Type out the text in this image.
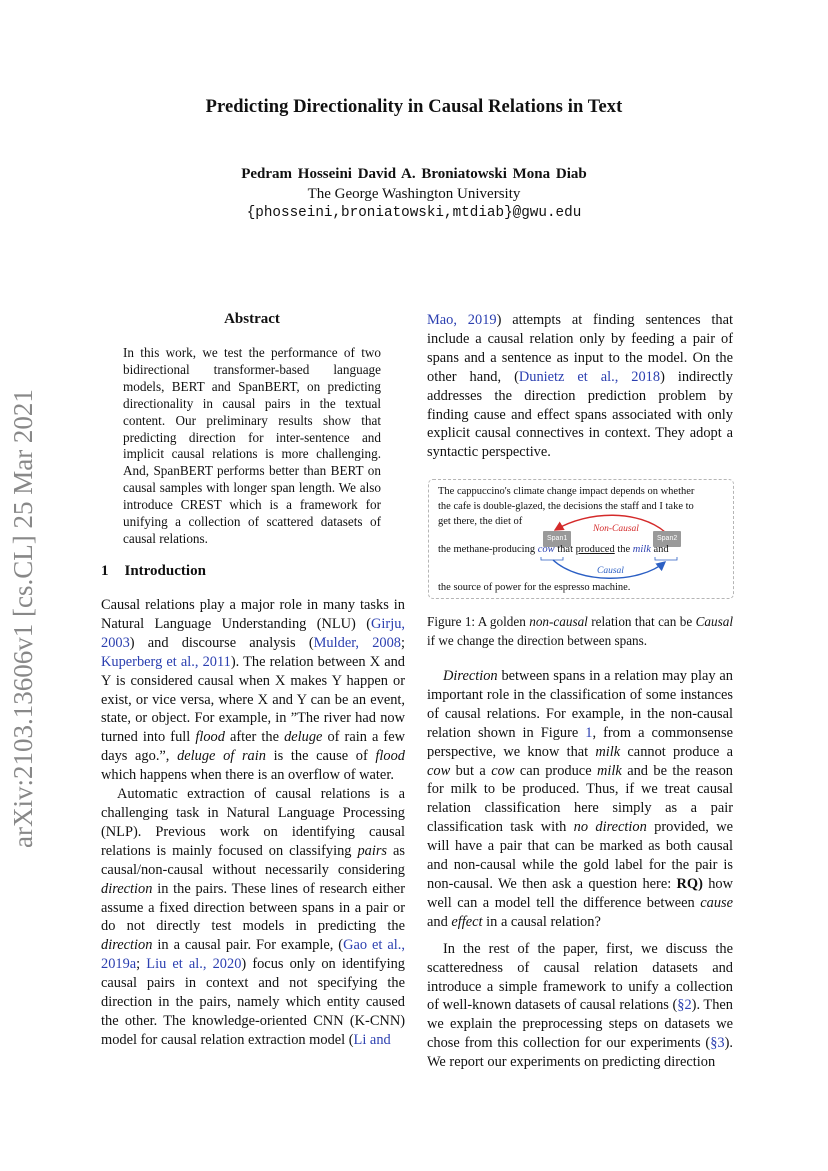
arXiv:2103.13606v1 [cs.CL] 25 Mar 2021
Predicting Directionality in Causal Relations in Text
Pedram Hosseini David A. Broniatowski Mona Diab
The George Washington University
{phosseini,broniatowski,mtdiab}@gwu.edu
Abstract

In this work, we test the performance of two bidirectional transformer-based language models, BERT and SpanBERT, on predicting directionality in causal pairs in the textual content. Our preliminary results show that predicting direction for inter-sentence and implicit causal relations is more challenging. And, SpanBERT performs better than BERT on causal samples with longer span length. We also introduce CREST which is a framework for unifying a collection of scattered datasets of causal relations.

1 Introduction

Causal relations play a major role in many tasks in Natural Language Understanding (NLU) (Girju, 2003) and discourse analysis (Mulder, 2008; Kuperberg et al., 2011). The relation between X and Y is considered causal when X makes Y happen or exist, or vice versa, where X and Y can be an event, state, or object. For example, in ”The river had now turned into full flood after the deluge of rain a few days ago.”, deluge of rain is the cause of flood which happens when there is an overflow of water.

Automatic extraction of causal relations is a challenging task in Natural Language Processing (NLP). Previous work on identifying causal relations is mainly focused on classifying pairs as causal/non-causal without necessarily considering direction in the pairs. These lines of research either assume a fixed direction between spans in a pair or do not directly test models in predicting the direction in a causal pair. For example, (Gao et al., 2019a; Liu et al., 2020) focus only on identifying causal pairs in context and not specifying the direction in the pairs, namely which entity caused the other. The knowledge-oriented CNN (K-CNN) model for causal relation extraction model (Li and

Mao, 2019) attempts at finding sentences that include a causal relation only by feeding a pair of spans and a sentence as input to the model. On the other hand, (Dunietz et al., 2018) indirectly addresses the direction prediction problem by finding cause and effect spans associated with only explicit causal connectives in context. They adopt a syntactic perspective.

The cappuccino's climate change impact depends on whether
the cafe is double-glazed, the decisions the staff and I take to
get there, the diet of
Span1	Span2
Non-Causal
Causal
the methane-producing cow that produced the milk and
the source of power for the espresso machine.

Figure 1: A golden non-causal relation that can be Causal if we change the direction between spans.

Direction between spans in a relation may play an important role in the classification of some instances of causal relations. For example, in the non-causal relation shown in Figure 1, from a commonsense perspective, we know that milk cannot produce a cow but a cow can produce milk and be the reason for milk to be produced. Thus, if we treat causal relation classification here simply as a pair classification task with no direction provided, we will have a pair that can be marked as both causal and non-causal while the gold label for the pair is non-causal. We then ask a question here: RQ) how well can a model tell the difference between cause and effect in a causal relation?

In the rest of the paper, first, we discuss the scatteredness of causal relation datasets and introduce a simple framework to unify a collection of well-known datasets of causal relations (§2). Then we explain the preprocessing steps on datasets we chose from this collection for our experiments (§3). We report our experiments on predicting direction
